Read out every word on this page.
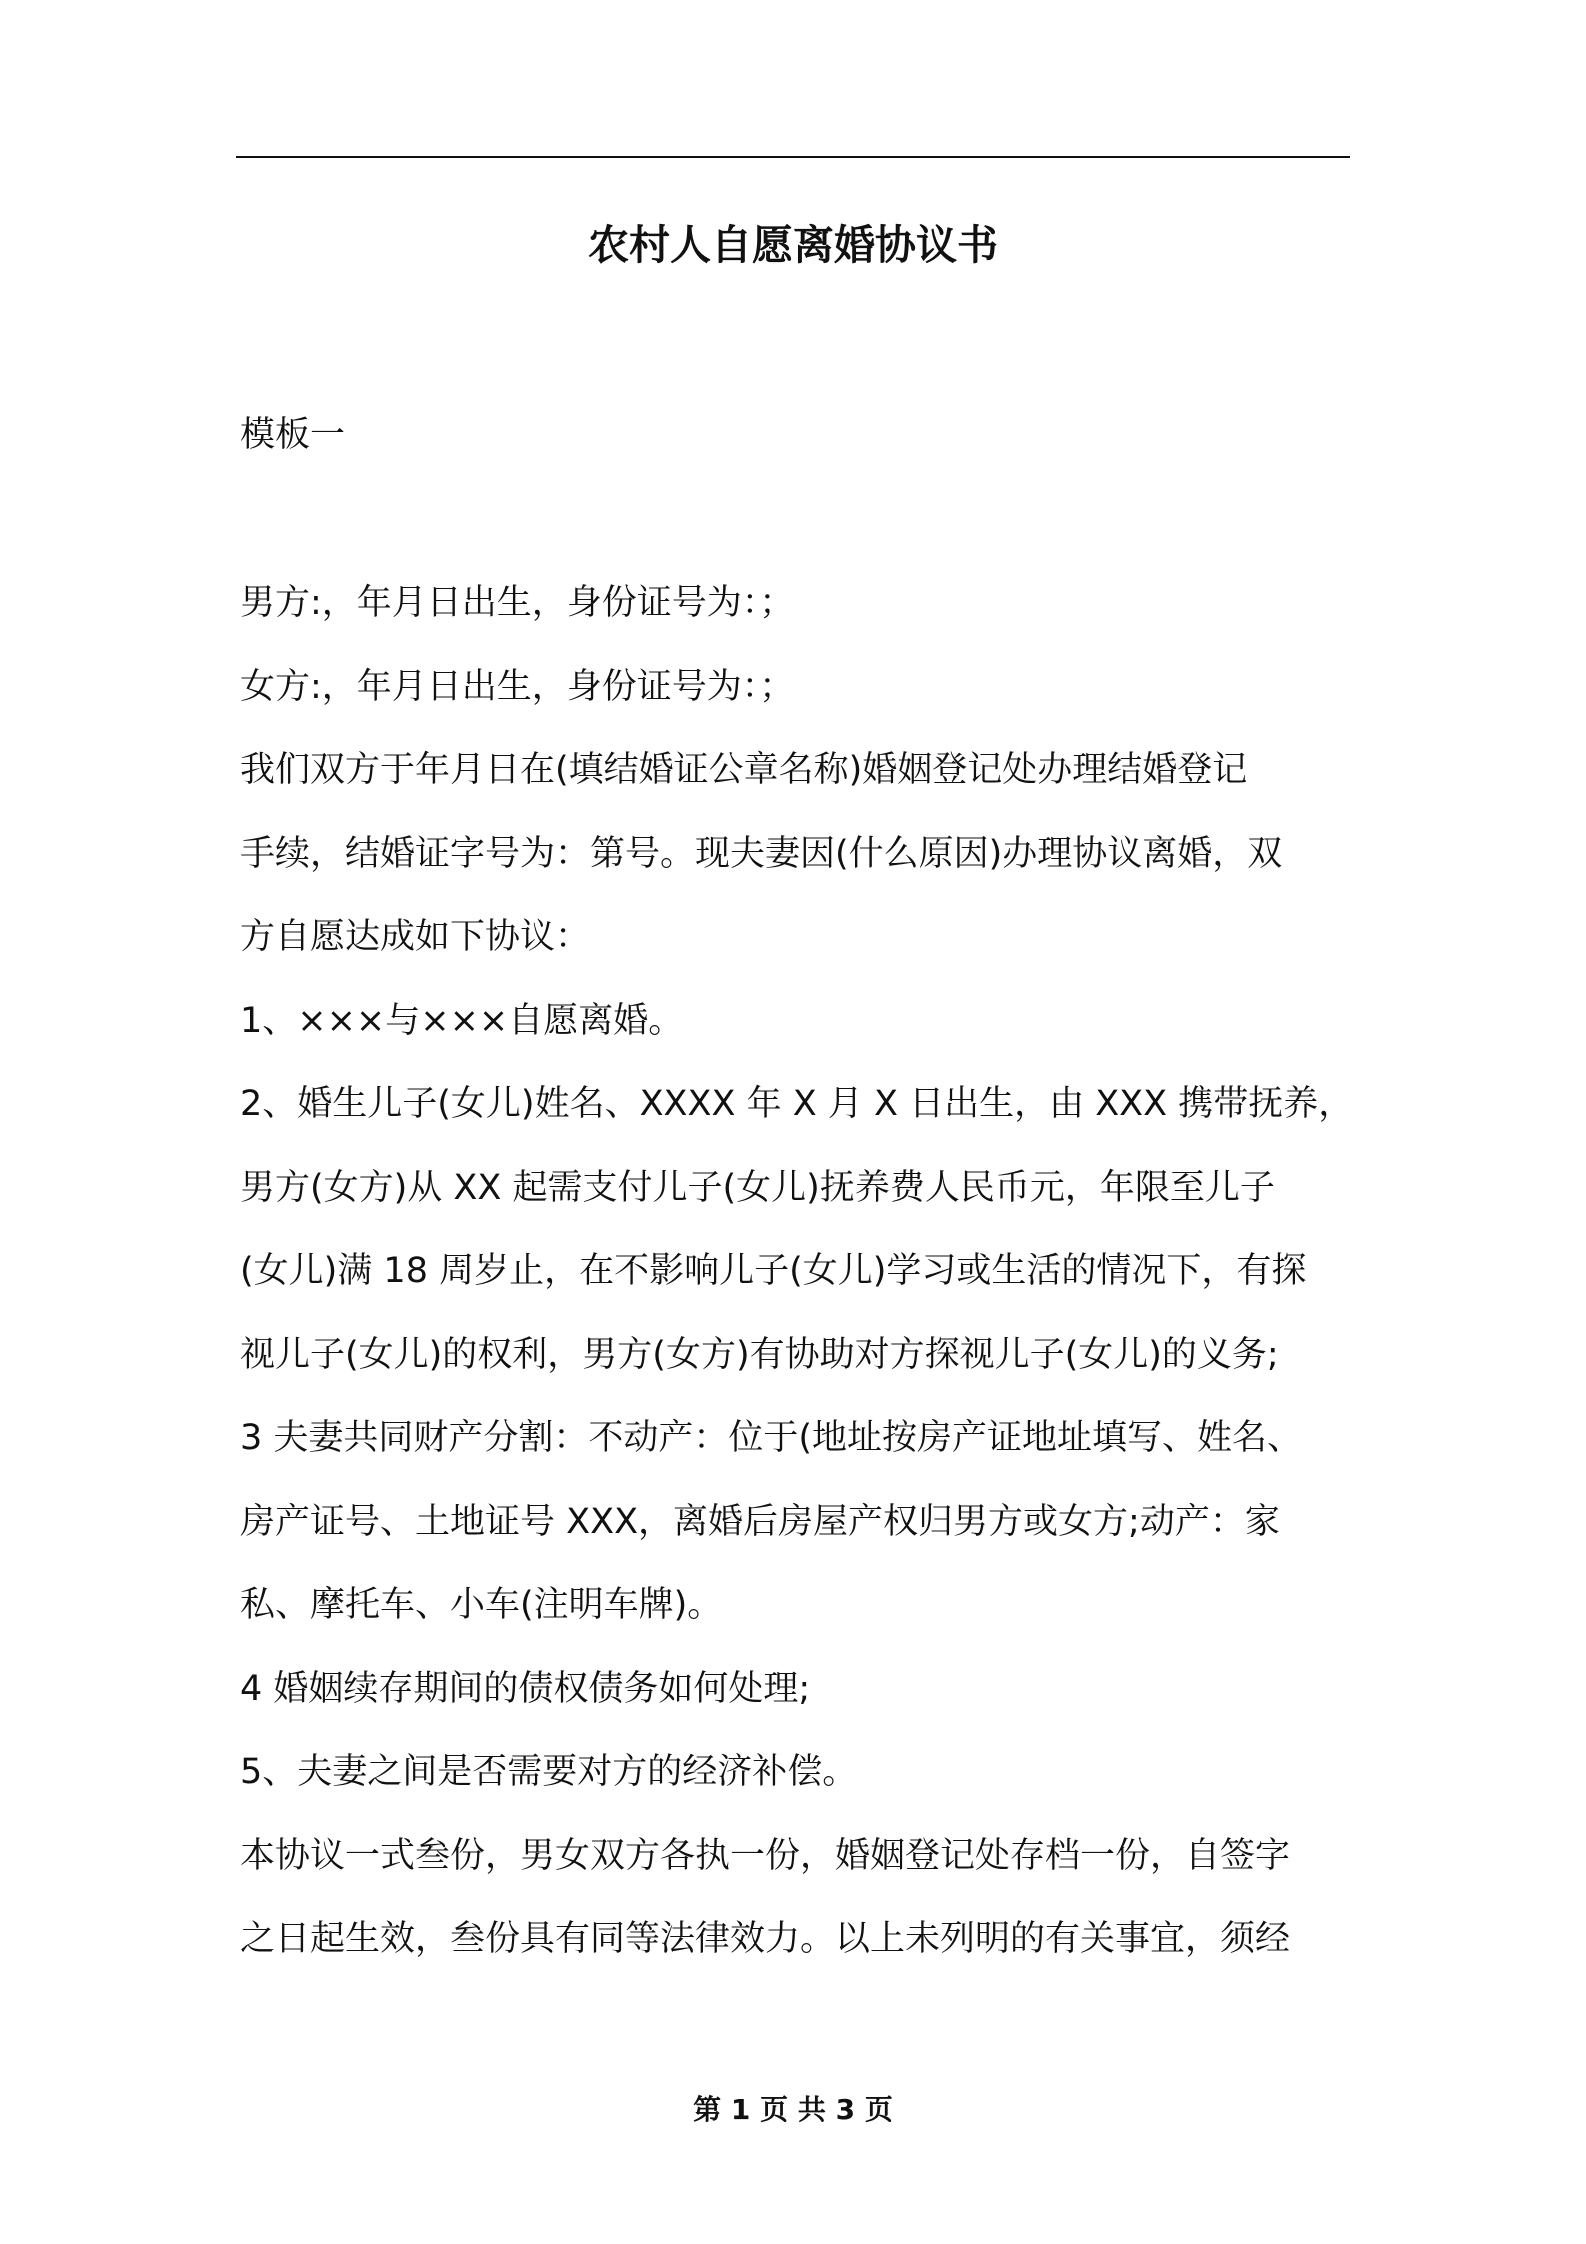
农村人自愿离婚协议书

模板一

男方:，年月日出生，身份证号为：；
女方:，年月日出生，身份证号为：；
我们双方于年月日在(填结婚证公章名称)婚姻登记处办理结婚登记
手续，结婚证字号为：第号。现夫妻因(什么原因)办理协议离婚，双
方自愿达成如下协议：
1、×××与×××自愿离婚。
2、婚生儿子(女儿)姓名、XXXX 年 X 月 X 日出生，由 XXX 携带抚养，
男方(女方)从 XX 起需支付儿子(女儿)抚养费人民币元，年限至儿子
(女儿)满 18 周岁止，在不影响儿子(女儿)学习或生活的情况下，有探
视儿子(女儿)的权利，男方(女方)有协助对方探视儿子(女儿)的义务;
3 夫妻共同财产分割：不动产：位于(地址按房产证地址填写、姓名、
房产证号、土地证号 XXX，离婚后房屋产权归男方或女方;动产：家
私、摩托车、小车(注明车牌)。
4 婚姻续存期间的债权债务如何处理;
5、夫妻之间是否需要对方的经济补偿。
本协议一式叁份，男女双方各执一份，婚姻登记处存档一份，自签字
之日起生效，叁份具有同等法律效力。以上未列明的有关事宜，须经

第 1 页 共 3 页
